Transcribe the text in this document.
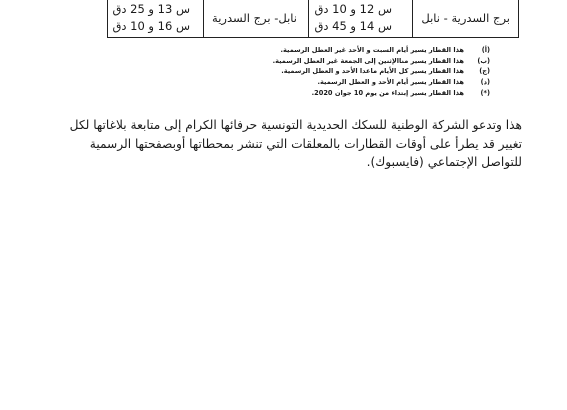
برج السدرية - نابل
س 12 و 10 دق
س 14 و 45 دق
نابل- برج السدرية
س 13 و 25 دق
س 16 و 10 دق
(أ)
هذا القطار يسير أيام السبت و الأحد غير العطل الرسمية.
(ب)
هذا القطار يسير مناالإثنين إلى الجمعة غير العطل الرسمية.
(ج)
هذا القطار يسير كل الأيام ماعدا الأحد و العطل الرسمية.
(د)
هذا القطار يسير أيام الأحد و العطل الرسمية.
(*)
هذا القطار يسير إبتداء من يوم 10 جوان 2020.
هذا وتدعو الشركة الوطنية للسكك الحديدية التونسية حرفائها الكرام إلى متابعة بلاغاتها لكل
تغيير قد يطرأ على أوقات القطارات بالمعلقات التي تنشر بمحطاتها أوبصفحتها الرسمية
للتواصل الإجتماعي (فايسبوك).
